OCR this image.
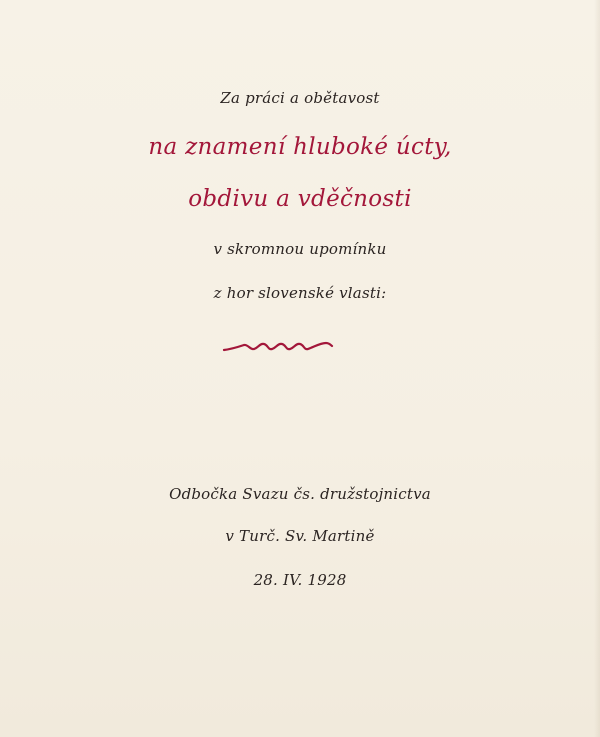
Za práci a obětavost
na znamení hluboké úcty,
obdivu a vděčnosti
v skromnou upomínku
z hor slovenské vlasti:
Odbočka Svazu čs. družstojnictva
v Turč. Sv. Martině
28. IV. 1928
